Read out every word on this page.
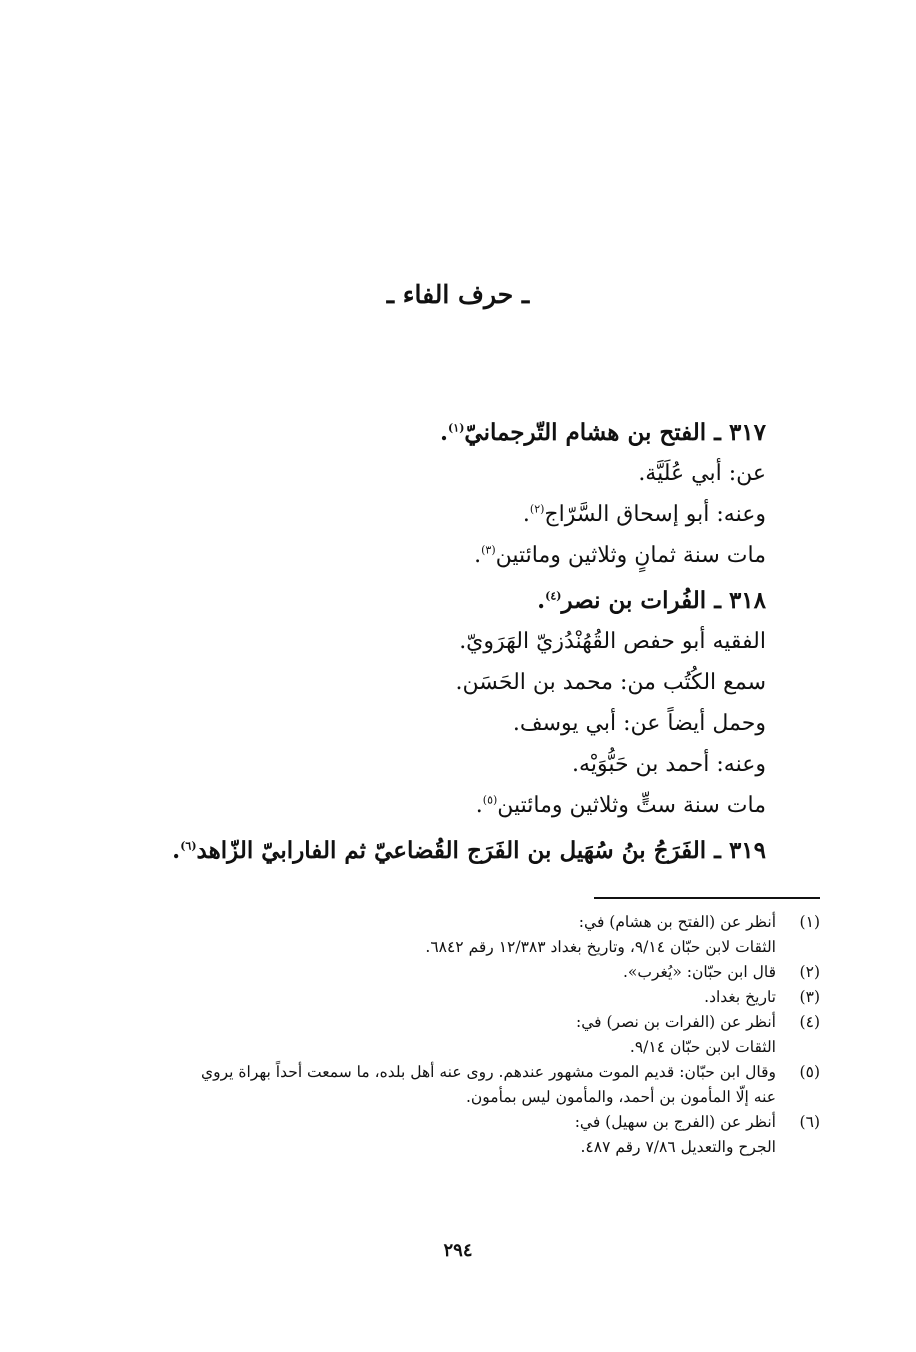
ـ حرف الفاء ـ
٣١٧ ـ الفتح بن هشام التّرجمانيّ$^{(١)}$.
عن: أبي عُلَيَّة.
وعنه: أبو إسحاق السَّرّاج$^{(٢)}$.
مات سنة ثمانٍ وثلاثين ومائتين$^{(٣)}$.
٣١٨ ـ الفُرات بن نصر$^{(٤)}$.
الفقيه أبو حفص القُهُنْدُزيّ الهَرَويّ.
سمع الكُتُب من: محمد بن الحَسَن.
وحمل أيضاً عن: أبي يوسف.
وعنه: أحمد بن حَبُّوَيْه.
مات سنة ستٍّ وثلاثين ومائتين$^{(٥)}$.
٣١٩ ـ الفَرَجُ بنُ سُهَيل بن الفَرَج القُضاعيّ ثم الفارابيّ الزّاهد$^{(٦)}$.
(١)
أنظر عن (الفتح بن هشام) في:
الثقات لابن حبّان ٩/١٤، وتاريخ بغداد ١٢/٣٨٣ رقم ٦٨٤٢.
(٢)
قال ابن حبّان: «يُغرب».
(٣)
تاريخ بغداد.
(٤)
أنظر عن (الفرات بن نصر) في:
الثقات لابن حبّان ٩/١٤.
(٥)
وقال ابن حبّان: قديم الموت مشهور عندهم. روى عنه أهل بلده، ما سمعت أحداً بهراة يروي
عنه إلّا المأمون بن أحمد، والمأمون ليس بمأمون.
(٦)
أنظر عن (الفرج بن سهيل) في:
الجرح والتعديل ٧/٨٦ رقم ٤٨٧.
٢٩٤
